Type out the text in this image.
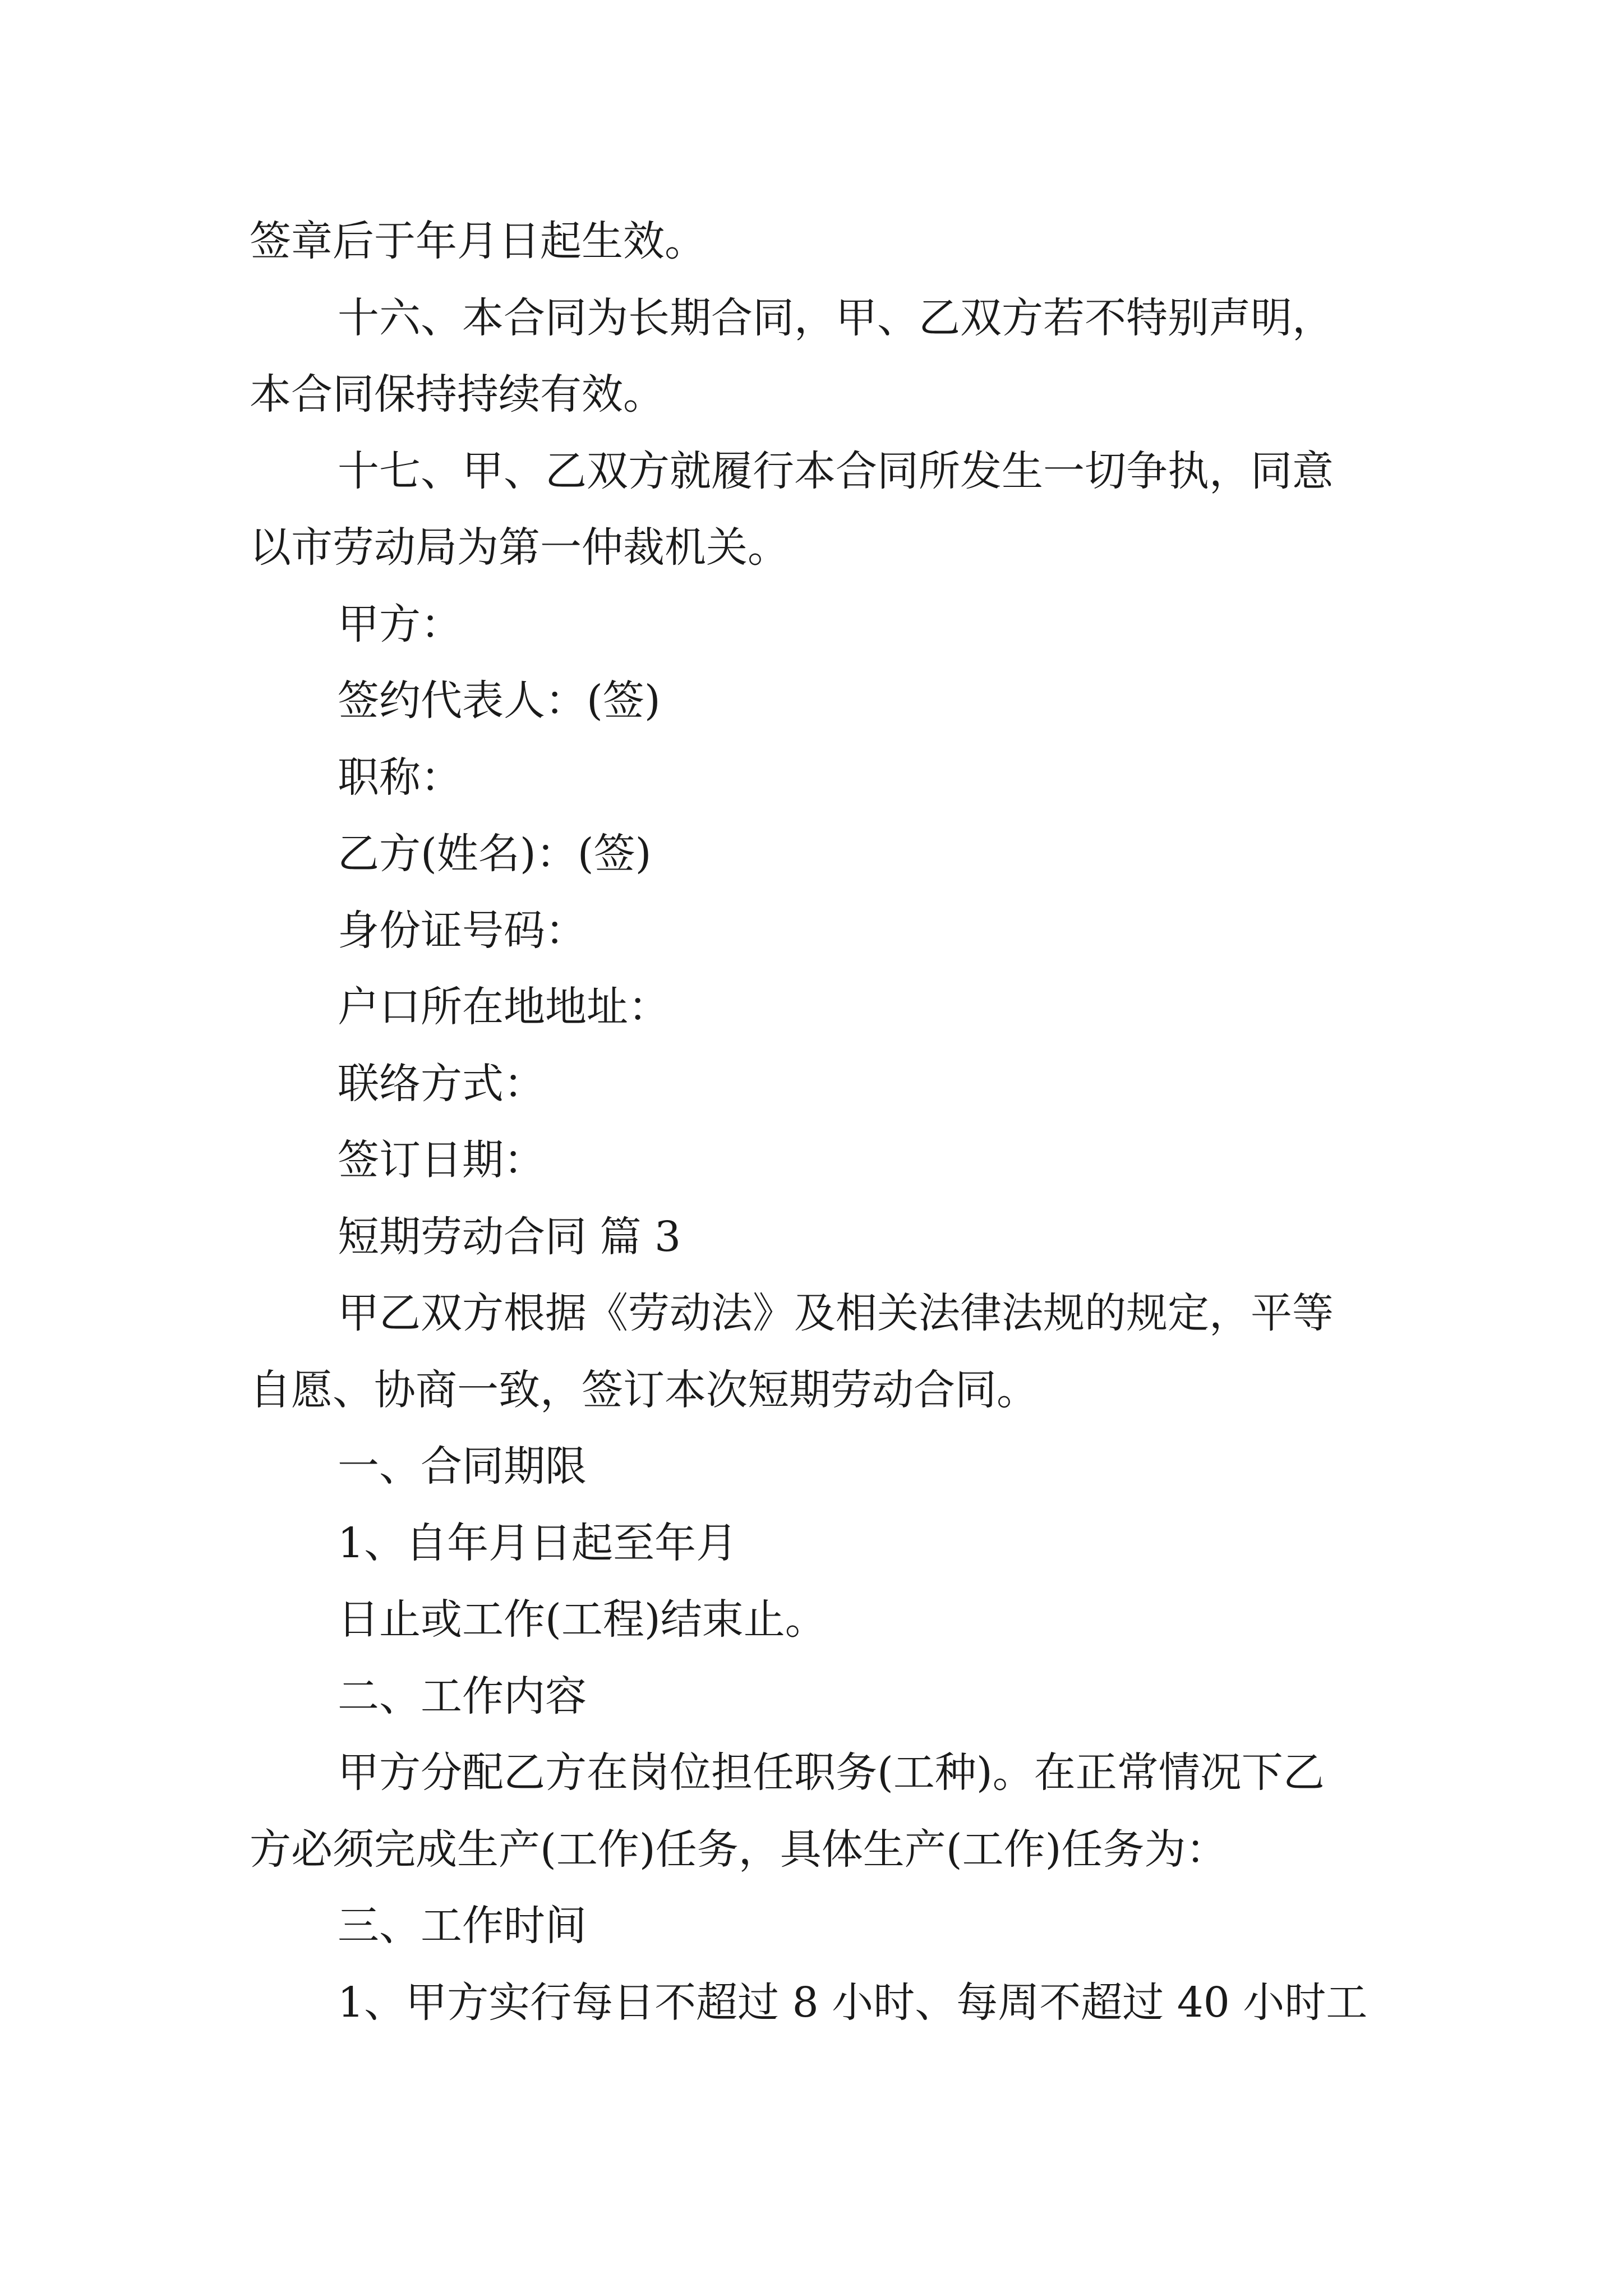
签章后于年月日起生效。
十六、本合同为长期合同，甲、乙双方若不特别声明，
本合同保持持续有效。
十七、甲、乙双方就履行本合同所发生一切争执，同意
以市劳动局为第一仲裁机关。
甲方：
签约代表人：(签)
职称：
乙方(姓名)：(签)
身份证号码：
户口所在地地址：
联络方式：
签订日期：
短期劳动合同 篇 3
甲乙双方根据《劳动法》及相关法律法规的规定，平等
自愿、协商一致，签订本次短期劳动合同。
一、合同期限
1、自年月日起至年月
日止或工作(工程)结束止。
二、工作内容
甲方分配乙方在岗位担任职务(工种)。在正常情况下乙
方必须完成生产(工作)任务，具体生产(工作)任务为：
三、工作时间
1、甲方实行每日不超过 8 小时、每周不超过 40 小时工
